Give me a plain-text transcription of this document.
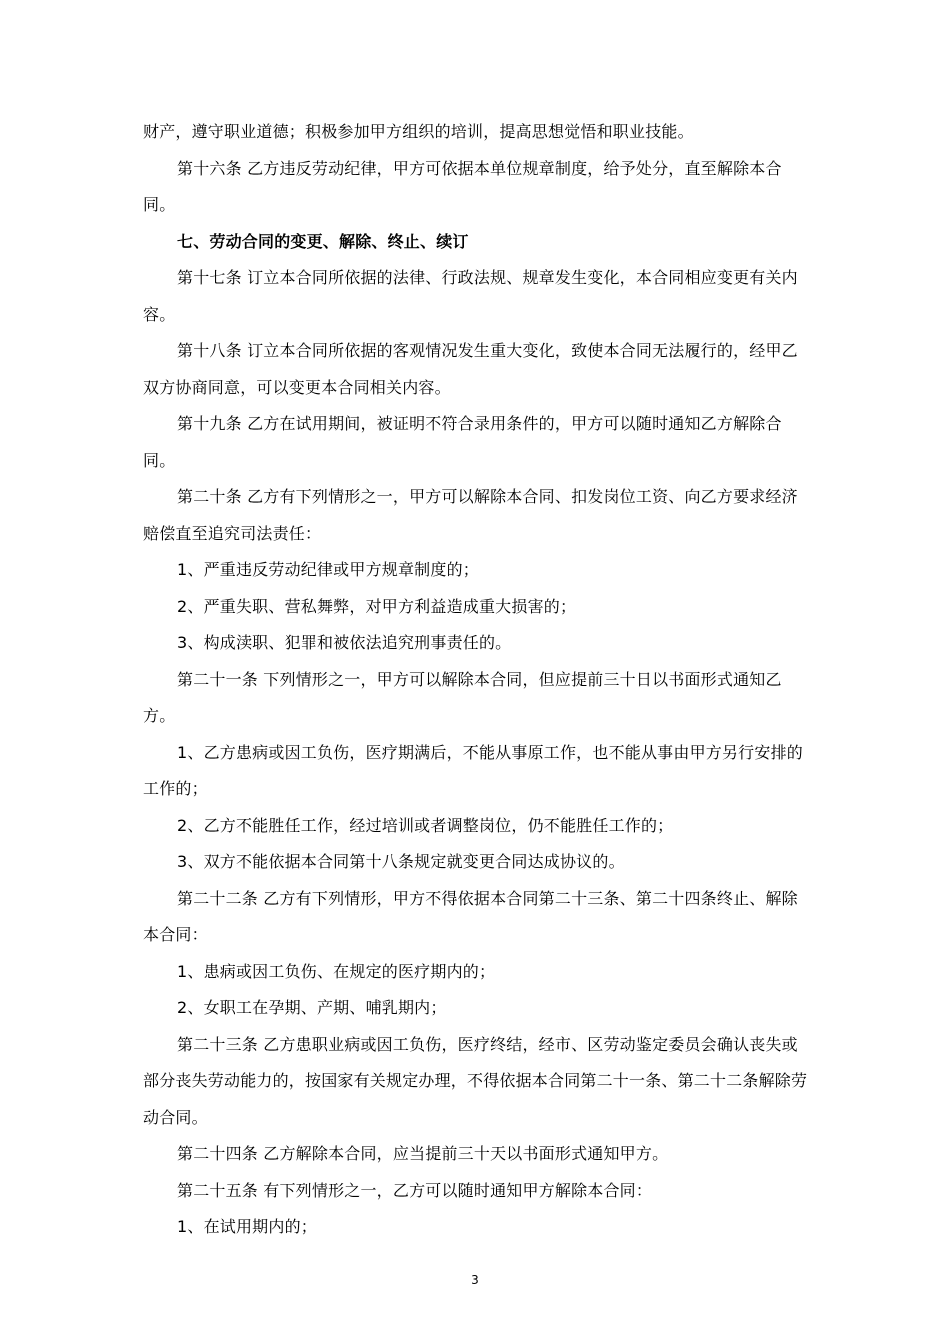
财产，遵守职业道德；积极参加甲方组织的培训，提高思想觉悟和职业技能。

第十六条 乙方违反劳动纪律，甲方可依据本单位规章制度，给予处分，直至解除本合同。

七、劳动合同的变更、解除、终止、续订

第十七条 订立本合同所依据的法律、行政法规、规章发生变化，本合同相应变更有关内容。

第十八条 订立本合同所依据的客观情况发生重大变化，致使本合同无法履行的，经甲乙双方协商同意，可以变更本合同相关内容。

第十九条 乙方在试用期间，被证明不符合录用条件的，甲方可以随时通知乙方解除合同。

第二十条 乙方有下列情形之一，甲方可以解除本合同、扣发岗位工资、向乙方要求经济赔偿直至追究司法责任：

1、严重违反劳动纪律或甲方规章制度的；

2、严重失职、营私舞弊，对甲方利益造成重大损害的；

3、构成渎职、犯罪和被依法追究刑事责任的。

第二十一条 下列情形之一，甲方可以解除本合同，但应提前三十日以书面形式通知乙方。

1、乙方患病或因工负伤，医疗期满后，不能从事原工作，也不能从事由甲方另行安排的工作的；

2、乙方不能胜任工作，经过培训或者调整岗位，仍不能胜任工作的；

3、双方不能依据本合同第十八条规定就变更合同达成协议的。

第二十二条 乙方有下列情形，甲方不得依据本合同第二十三条、第二十四条终止、解除本合同：

1、患病或因工负伤、在规定的医疗期内的；

2、女职工在孕期、产期、哺乳期内；

第二十三条 乙方患职业病或因工负伤，医疗终结，经市、区劳动鉴定委员会确认丧失或部分丧失劳动能力的，按国家有关规定办理，不得依据本合同第二十一条、第二十二条解除劳动合同。

第二十四条 乙方解除本合同，应当提前三十天以书面形式通知甲方。

第二十五条 有下列情形之一，乙方可以随时通知甲方解除本合同：

1、在试用期内的；

3
